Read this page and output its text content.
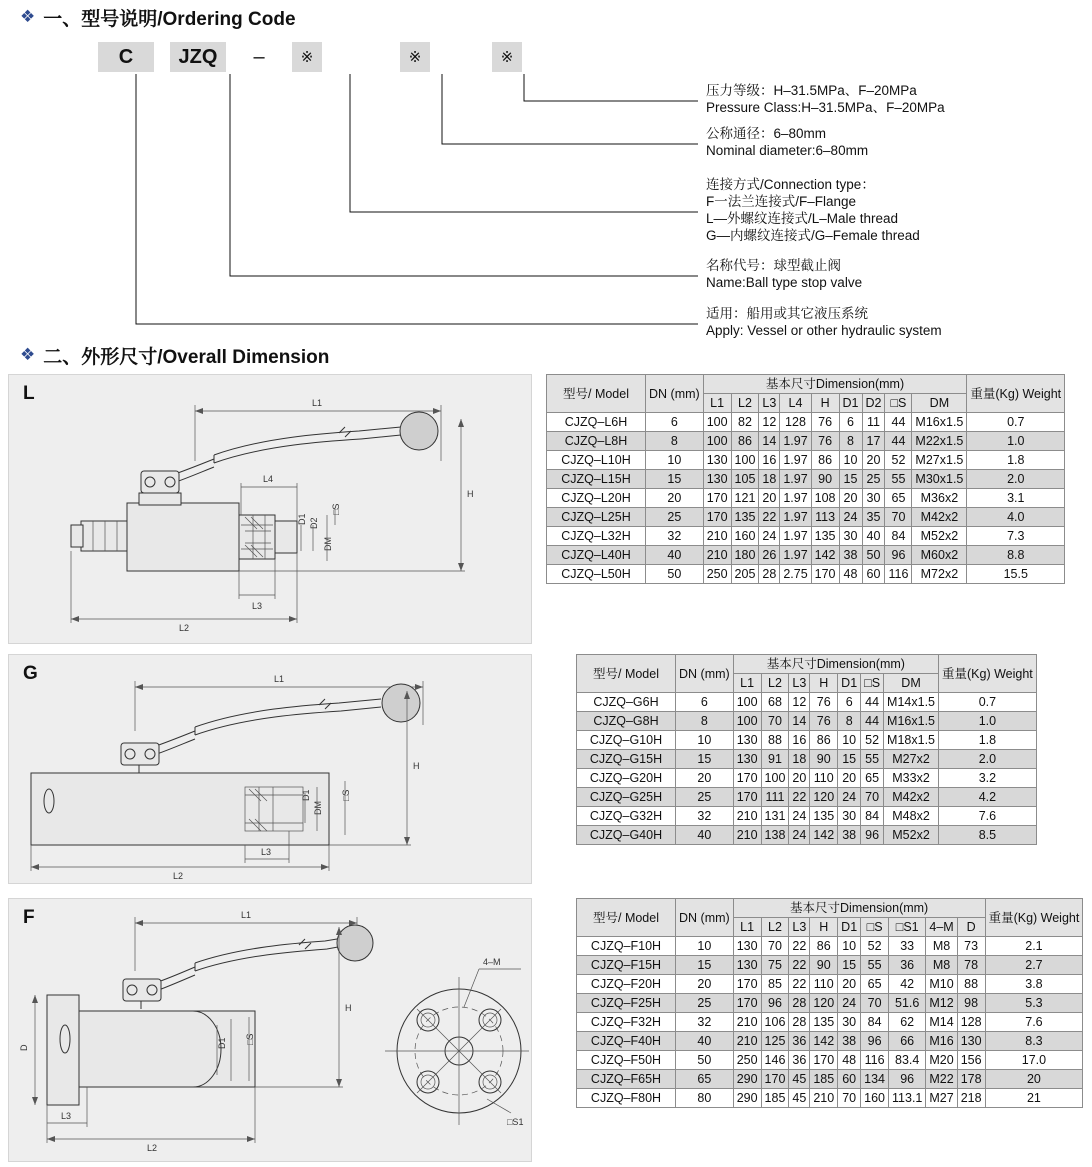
❖ 一、型号说明/Ordering Code
C	JZQ	–	※	※	※
压力等级：H–31.5MPa、F–20MPa
Pressure Class:H–31.5MPa、F–20MPa
公称通径：6–80mm
Nominal diameter:6–80mm
连接方式/Connection type：
F一法兰连接式/F–Flange
L—外螺纹连接式/L–Male thread
G—内螺纹连接式/G–Female thread
名称代号：球型截止阀
Name:Ball type stop valve
适用：船用或其它液压系统
Apply: Vessel or other hydraulic system
❖ 二、外形尺寸/Overall Dimension
L	L1
L4
L3
L2
H
D1 D2
DM
□S
型号/ Model	DN (mm)	基本尺寸Dimension(mm)									重量(Kg) Weight
		L1	L2	L3	L4	H	D1	D2	□S	DM	
CJZQ–L6H	6	100	82	12	128	76	6	11	44	M16x1.5	0.7
CJZQ–L8H	8	100	86	14	1.97	76	8	17	44	M22x1.5	1.0
CJZQ–L10H	10	130	100	16	1.97	86	10	20	52	M27x1.5	1.8
CJZQ–L15H	15	130	105	18	1.97	90	15	25	55	M30x1.5	2.0
CJZQ–L20H	20	170	121	20	1.97	108	20	30	65	M36x2	3.1
CJZQ–L25H	25	170	135	22	1.97	113	24	35	70	M42x2	4.0
CJZQ–L32H	32	210	160	24	1.97	135	30	40	84	M52x2	7.3
CJZQ–L40H	40	210	180	26	1.97	142	38	50	96	M60x2	8.8
CJZQ–L50H	50	250	205	28	2.75	170	48	60	116	M72x2	15.5
G	L1
D1
DM
□S
L3
L2
H
型号/ Model	DN (mm)	基本尺寸Dimension(mm)							重量(Kg) Weight
		L1	L2	L3	H	D1	□S	DM	
CJZQ–G6H	6	100	68	12	76	6	44	M14x1.5	0.7
CJZQ–G8H	8	100	70	14	76	8	44	M16x1.5	1.0
CJZQ–G10H	10	130	88	16	86	10	52	M18x1.5	1.8
CJZQ–G15H	15	130	91	18	90	15	55	M27x2	2.0
CJZQ–G20H	20	170	100	20	110	20	65	M33x2	3.2
CJZQ–G25H	25	170	111	22	120	24	70	M42x2	4.2
CJZQ–G32H	32	210	131	24	135	30	84	M48x2	7.6
CJZQ–G40H	40	210	138	24	142	38	96	M52x2	8.5
F	L1
D1 □S
D
H
L3
L2
4–M
□S1
型号/ Model	DN (mm)	基本尺寸Dimension(mm)									重量(Kg) Weight
		L1	L2	L3	H	D1	□S	□S1	4–M	D	
CJZQ–F10H	10	130	70	22	86	10	52	33	M8	73	2.1
CJZQ–F15H	15	130	75	22	90	15	55	36	M8	78	2.7
CJZQ–F20H	20	170	85	22	110	20	65	42	M10	88	3.8
CJZQ–F25H	25	170	96	28	120	24	70	51.6	M12	98	5.3
CJZQ–F32H	32	210	106	28	135	30	84	62	M14	128	7.6
CJZQ–F40H	40	210	125	36	142	38	96	66	M16	130	8.3
CJZQ–F50H	50	250	146	36	170	48	116	83.4	M20	156	17.0
CJZQ–F65H	65	290	170	45	185	60	134	96	M22	178	20
CJZQ–F80H	80	290	185	45	210	70	160	113.1	M27	218	21
